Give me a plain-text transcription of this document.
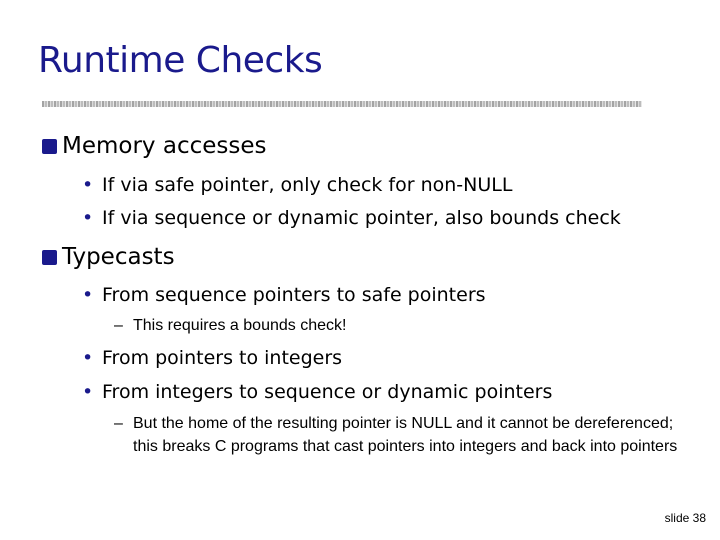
Runtime Checks
Memory accesses
• If via safe pointer, only check for non-NULL
• If via sequence or dynamic pointer, also bounds check
Typecasts
• From sequence pointers to safe pointers
– This requires a bounds check!
• From pointers to integers
• From integers to sequence or dynamic pointers
– But the home of the resulting pointer is NULL and it cannot be dereferenced; this breaks C programs that cast pointers into integers and back into pointers
slide 38
